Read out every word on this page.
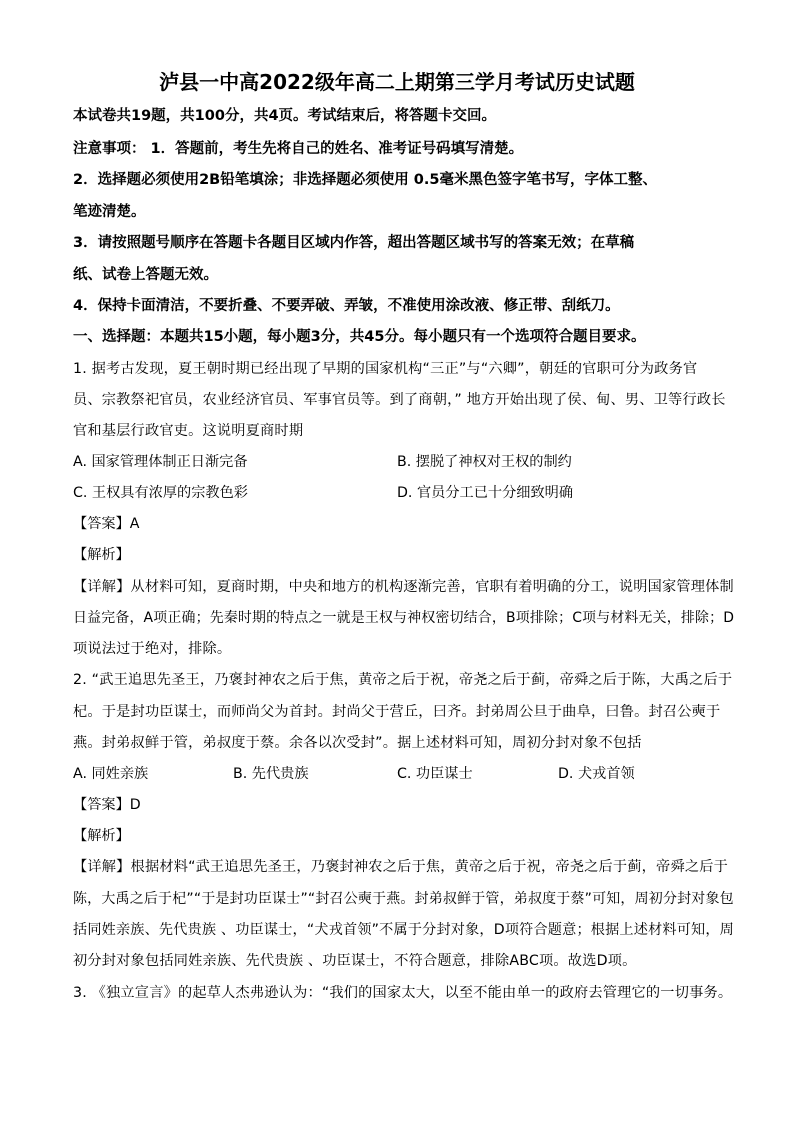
泸县一中高2022级年高二上期第三学月考试历史试题
本试卷共19题，共100分，共4页。考试结束后，将答题卡交回。
注意事项： 1．答题前，考生先将自己的姓名、准考证号码填写清楚。
2．选择题必须使用2B铅笔填涂；非选择题必须使用 0.5毫米黑色签字笔书写，字体工整、
笔迹清楚。
3．请按照题号顺序在答题卡各题目区域内作答，超出答题区域书写的答案无效；在草稿
纸、试卷上答题无效。
4．保持卡面清洁，不要折叠、不要弄破、弄皱，不准使用涂改液、修正带、刮纸刀。
一、选择题：本题共15小题，每小题3分，共45分。每小题只有一个选项符合题目要求。
1. 据考古发现，夏王朝时期已经出现了早期的国家机构“三正”与“六卿”，朝廷的官职可分为政务官
员、宗教祭祀官员，农业经济官员、军事官员等。到了商朝，” 地方开始出现了侯、甸、男、卫等行政长
官和基层行政官吏。这说明夏商时期
A. 国家管理体制正日渐完备	B. 摆脱了神权对王权的制约
C. 王权具有浓厚的宗教色彩	D. 官员分工已十分细致明确
【答案】A
【解析】
【详解】从材料可知，夏商时期，中央和地方的机构逐渐完善，官职有着明确的分工，说明国家管理体制
日益完备，A项正确；先秦时期的特点之一就是王权与神权密切结合，B项排除；C项与材料无关，排除；D
项说法过于绝对，排除。
2. “武王追思先圣王，乃褒封神农之后于焦，黄帝之后于祝，帝尧之后于蓟，帝舜之后于陈，大禹之后于
杞。于是封功臣谋士，而师尚父为首封。封尚父于营丘，曰齐。封弟周公旦于曲阜，曰鲁。封召公奭于
燕。封弟叔鲜于管，弟叔度于蔡。余各以次受封”。据上述材料可知，周初分封对象不包括
A. 同姓亲族	B. 先代贵族	C. 功臣谋士	D. 犬戎首领
【答案】D
【解析】
【详解】根据材料“武王追思先圣王，乃褒封神农之后于焦，黄帝之后于祝，帝尧之后于蓟，帝舜之后于
陈，大禹之后于杞”“于是封功臣谋士”“封召公奭于燕。封弟叔鲜于管，弟叔度于蔡”可知，周初分封对象包
括同姓亲族、先代贵族 、功臣谋士，“犬戎首领”不属于分封对象，D项符合题意；根据上述材料可知，周
初分封对象包括同姓亲族、先代贵族 、功臣谋士，不符合题意，排除ABC项。故选D项。
3. 《独立宣言》的起草人杰弗逊认为：“我们的国家太大，以至不能由单一的政府去管理它的一切事务。
